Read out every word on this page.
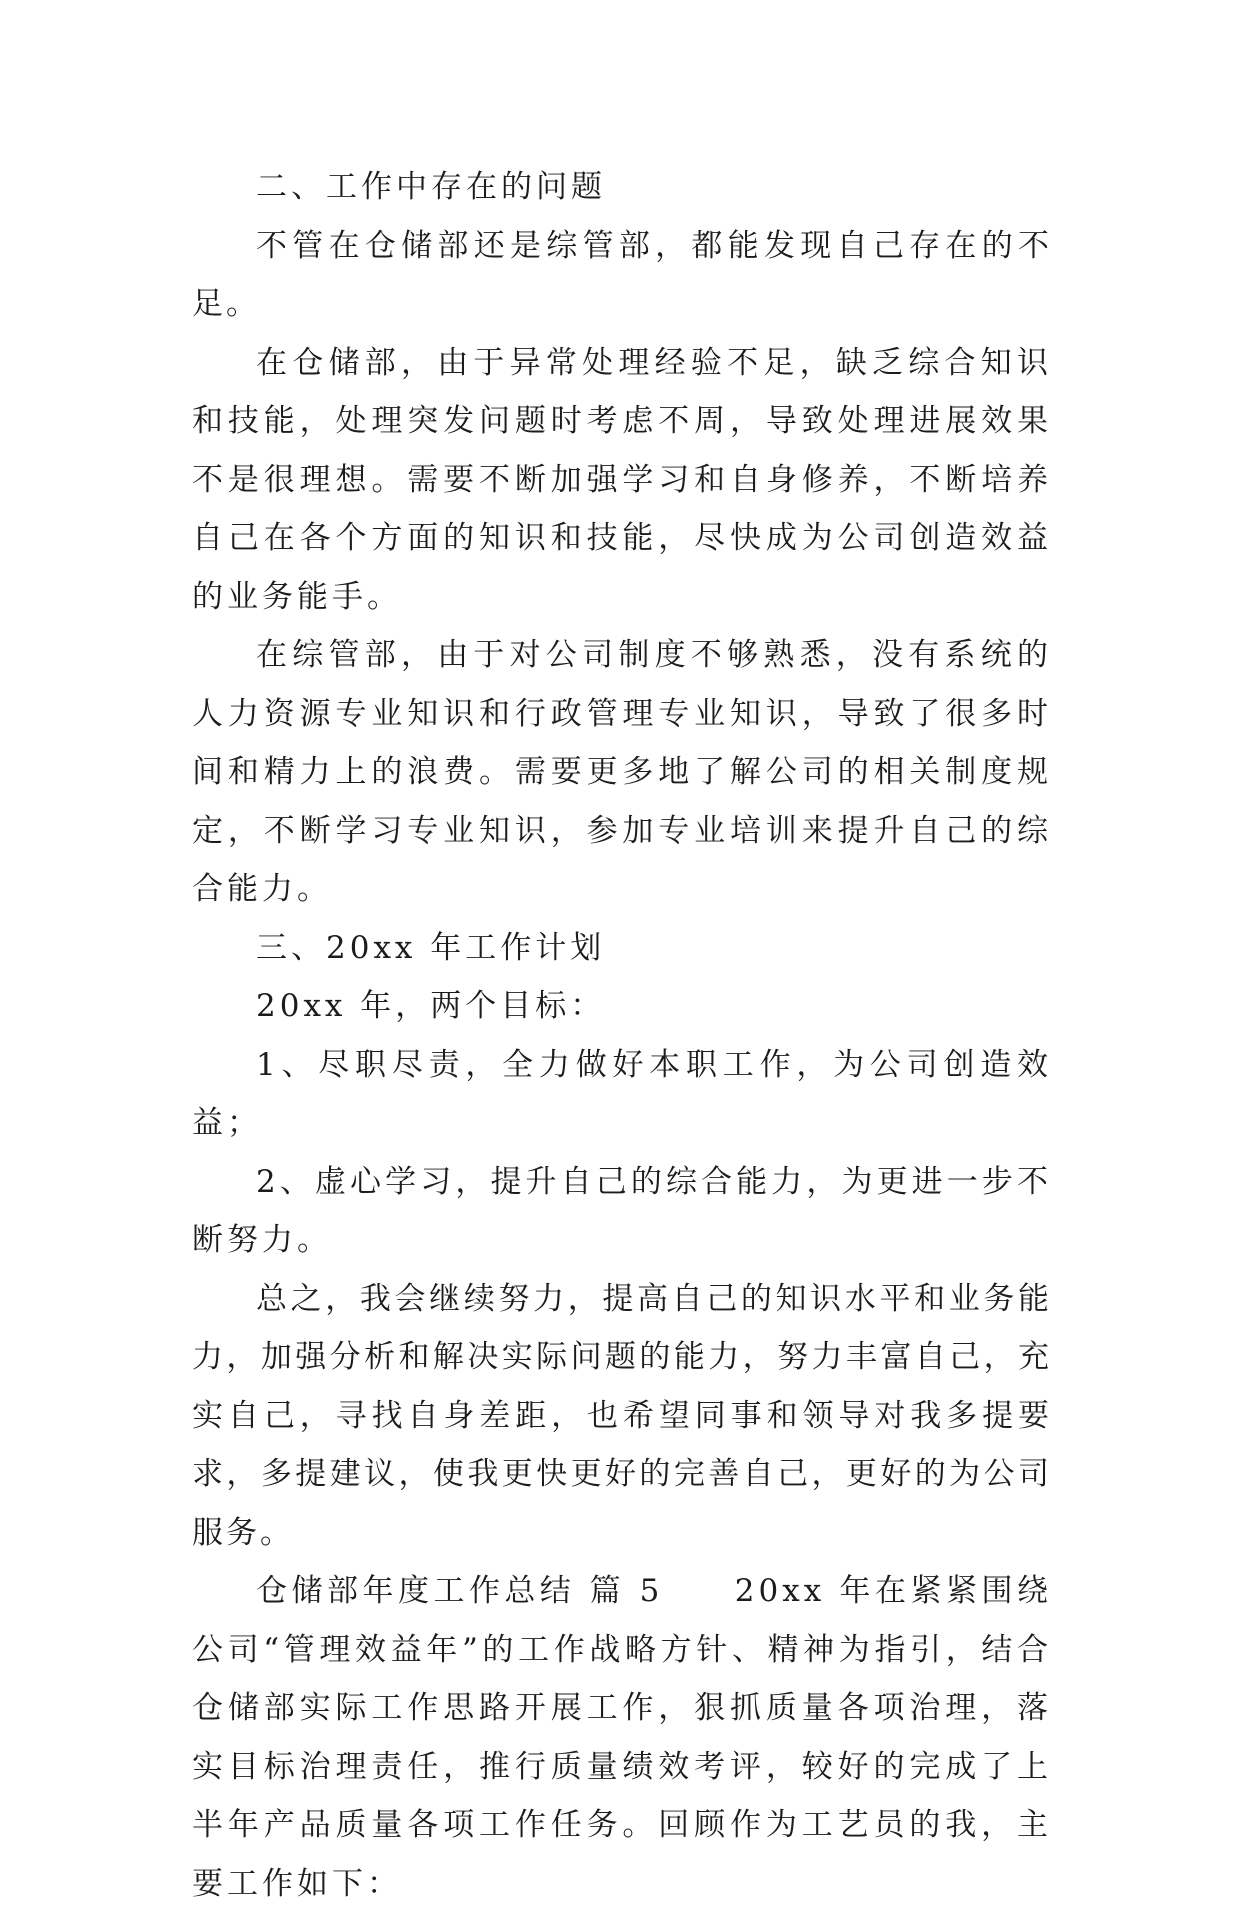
二、工作中存在的问题

不管在仓储部还是综管部，都能发现自己存在的不足。

在仓储部，由于异常处理经验不足，缺乏综合知识和技能，处理突发问题时考虑不周，导致处理进展效果不是很理想。需要不断加强学习和自身修养，不断培养自己在各个方面的知识和技能，尽快成为公司创造效益的业务能手。

在综管部，由于对公司制度不够熟悉，没有系统的人力资源专业知识和行政管理专业知识，导致了很多时间和精力上的浪费。需要更多地了解公司的相关制度规定，不断学习专业知识，参加专业培训来提升自己的综合能力。

三、20xx 年工作计划

20xx 年，两个目标：

1、尽职尽责，全力做好本职工作，为公司创造效益；

2、虚心学习，提升自己的综合能力，为更进一步不断努力。

总之，我会继续努力，提高自己的知识水平和业务能力，加强分析和解决实际问题的能力，努力丰富自己，充实自己，寻找自身差距，也希望同事和领导对我多提要求，多提建议，使我更快更好的完善自己，更好的为公司服务。

仓储部年度工作总结 篇 5　　20xx 年在紧紧围绕公司“管理效益年”的工作战略方针、精神为指引，结合仓储部实际工作思路开展工作，狠抓质量各项治理，落实目标治理责任，推行质量绩效考评，较好的完成了上半年产品质量各项工作任务。回顾作为工艺员的我，主要工作如下：
